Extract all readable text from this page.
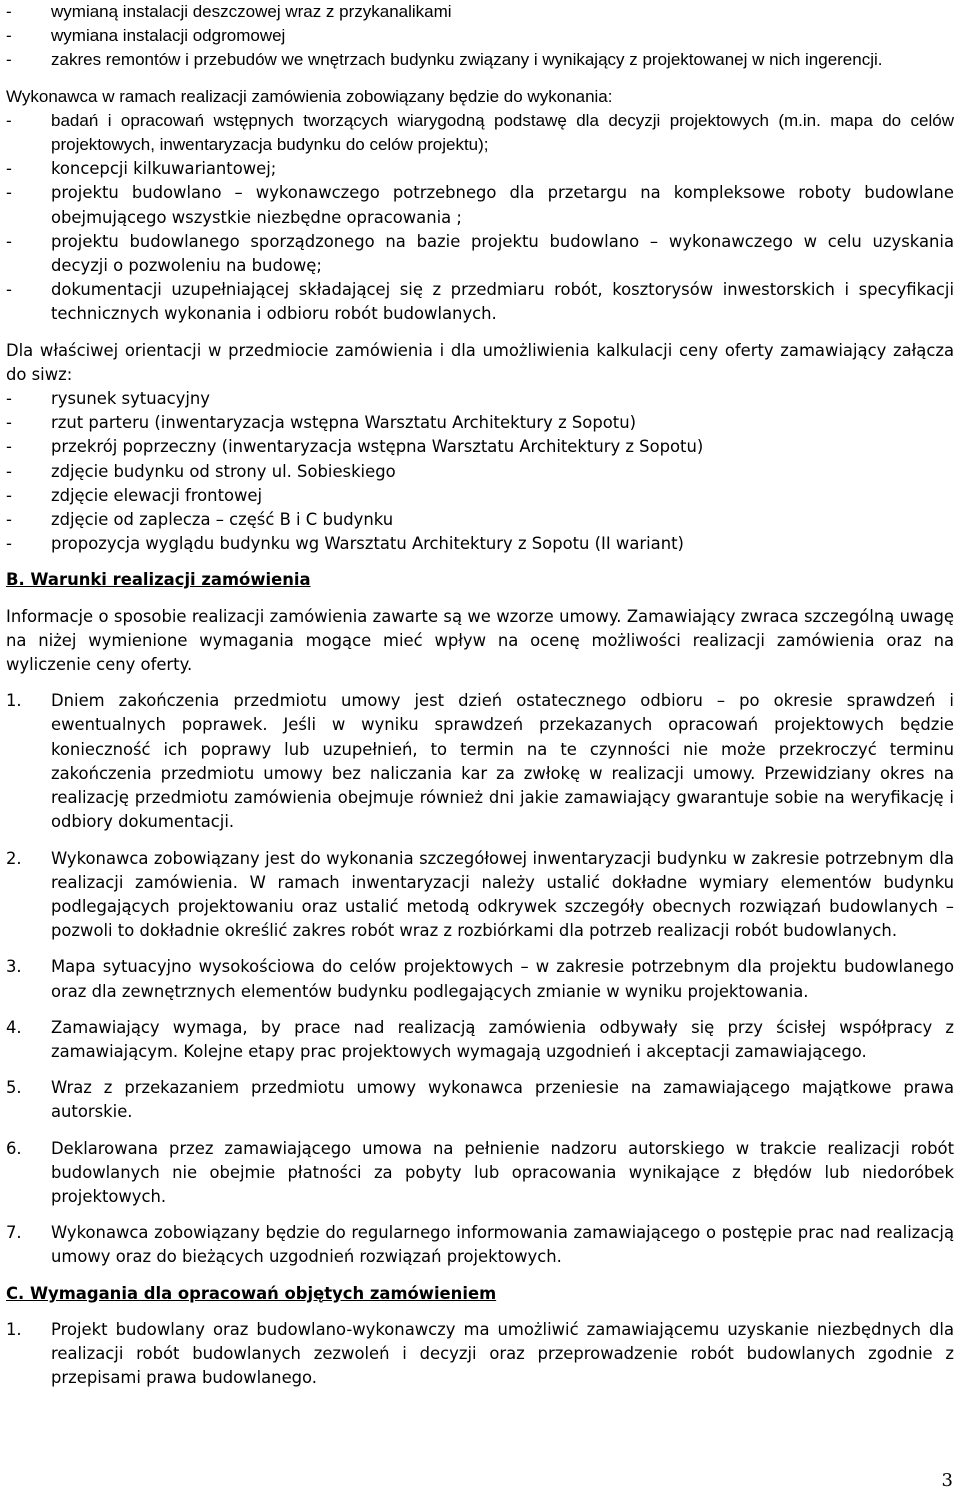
-	wymianą instalacji deszczowej wraz z przykanalikami
-	wymiana instalacji odgromowej
-	zakres remontów i przebudów we wnętrzach budynku związany i wynikający z projektowanej w nich ingerencji.

Wykonawca w ramach realizacji zamówienia zobowiązany będzie do wykonania:

-	badań i opracowań wstępnych tworzących wiarygodną podstawę dla decyzji projektowych (m.in. mapa do celów projektowych, inwentaryzacja budynku do celów projektu);
-	koncepcji kilkuwariantowej;
-	projektu budowlano – wykonawczego potrzebnego dla przetargu na kompleksowe roboty budowlane obejmującego wszystkie niezbędne opracowania ;
-	projektu budowlanego sporządzonego na bazie projektu budowlano – wykonawczego w celu uzyskania decyzji o pozwoleniu na budowę;
-	dokumentacji uzupełniającej składającej się z przedmiaru robót, kosztorysów inwestorskich i specyfikacji technicznych wykonania i odbioru robót budowlanych.

Dla właściwej orientacji w przedmiocie zamówienia i dla umożliwienia kalkulacji ceny oferty zamawiający załącza do siwz:

-	rysunek sytuacyjny
-	rzut parteru (inwentaryzacja wstępna Warsztatu Architektury z Sopotu)
-	przekrój poprzeczny (inwentaryzacja wstępna Warsztatu Architektury z Sopotu)
-	zdjęcie budynku od strony ul. Sobieskiego
-	zdjęcie elewacji frontowej
-	zdjęcie od zaplecza – część B i C budynku
-	propozycja wyglądu budynku wg Warsztatu Architektury z Sopotu (II wariant)

B. Warunki realizacji zamówienia

Informacje o sposobie realizacji zamówienia zawarte są we wzorze umowy. Zamawiający zwraca szczególną uwagę na niżej wymienione wymagania mogące mieć wpływ na ocenę możliwości realizacji zamówienia oraz na wyliczenie ceny oferty.

1.	Dniem zakończenia przedmiotu umowy jest dzień ostatecznego odbioru – po okresie sprawdzeń i ewentualnych poprawek. Jeśli w wyniku sprawdzeń przekazanych opracowań projektowych będzie konieczność ich poprawy lub uzupełnień, to termin na te czynności nie może przekroczyć terminu zakończenia przedmiotu umowy bez naliczania kar za zwłokę w realizacji umowy. Przewidziany okres na realizację przedmiotu zamówienia obejmuje również dni jakie zamawiający gwarantuje sobie na weryfikację i odbiory dokumentacji.
2.	Wykonawca zobowiązany jest do wykonania szczegółowej inwentaryzacji budynku w zakresie potrzebnym dla realizacji zamówienia. W ramach inwentaryzacji należy ustalić dokładne wymiary elementów budynku podlegających projektowaniu oraz ustalić metodą odkrywek szczegóły obecnych rozwiązań budowlanych – pozwoli to dokładnie określić zakres robót wraz z rozbiórkami dla potrzeb realizacji robót budowlanych.
3.	Mapa sytuacyjno wysokościowa do celów projektowych – w zakresie potrzebnym dla projektu budowlanego oraz dla zewnętrznych elementów budynku podlegających zmianie w wyniku projektowania.
4.	Zamawiający wymaga, by prace nad realizacją zamówienia odbywały się przy ścisłej współpracy z zamawiającym. Kolejne etapy prac projektowych wymagają uzgodnień i akceptacji zamawiającego.
5.	Wraz z przekazaniem przedmiotu umowy wykonawca przeniesie na zamawiającego majątkowe prawa autorskie.
6.	Deklarowana przez zamawiającego umowa na pełnienie nadzoru autorskiego w trakcie realizacji robót budowlanych nie obejmie płatności za pobyty lub opracowania wynikające z błędów lub niedoróbek projektowych.
7.	Wykonawca zobowiązany będzie do regularnego informowania zamawiającego o postępie prac nad realizacją umowy oraz do bieżących uzgodnień rozwiązań projektowych.

C. Wymagania dla opracowań objętych zamówieniem

1.	Projekt budowlany oraz budowlano-wykonawczy ma umożliwić zamawiającemu uzyskanie niezbędnych dla realizacji robót budowlanych zezwoleń i decyzji oraz przeprowadzenie robót budowlanych zgodnie z przepisami prawa budowlanego.
3
